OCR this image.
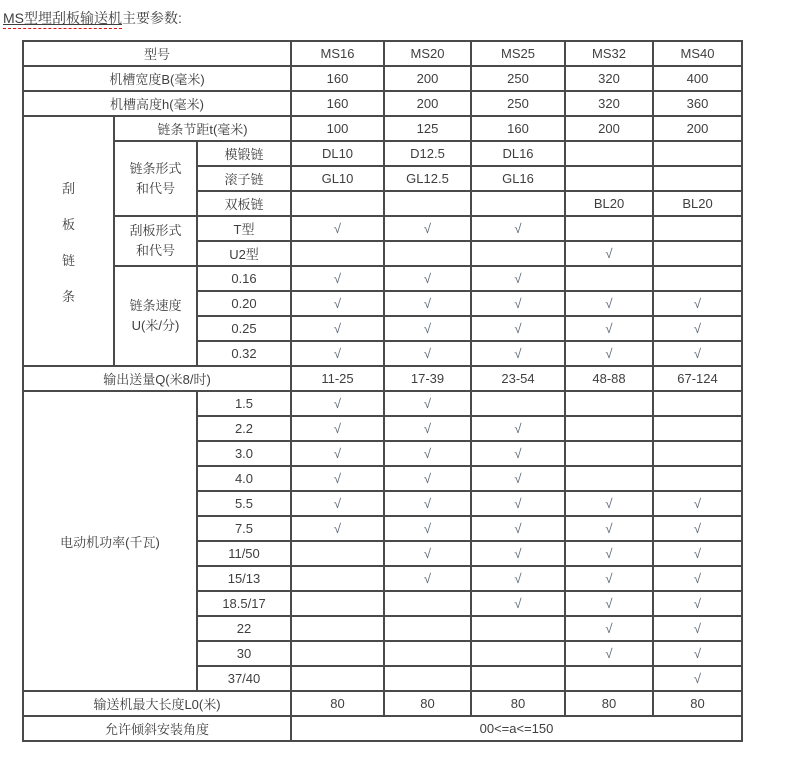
MS型埋刮板输送机主要参数:
型号			MS16	MS20	MS25	MS32	MS40
机槽宽度B(毫米)			160	200	250	320	400
机槽高度h(毫米)			160	200	250	320	360

刮
板
链
条	链条节距t(毫米)		100	125	160	200	200

	链条形式
和代号	模锻链	DL10	D12.5	DL16		
		滚子链	GL10	GL12.5	GL16		
		双板链				BL20	BL20

	刮板形式
和代号	T型	√	√	√		
		U2型				√	

	链条速度
U(米/分)	0.16	√	√	√		
		0.20	√	√	√	√	√
		0.25	√	√	√	√	√
		0.32	√	√	√	√	√
输出送量Q(米8/时)			11-25	17-39	23-54	48-88	67-124
电动机功率(千瓦)		1.5	√	√			
		2.2	√	√	√		
		3.0	√	√	√		
		4.0	√	√	√		
		5.5	√	√	√	√	√
		7.5	√	√	√	√	√
		11/50		√	√	√	√
		15/13		√	√	√	√
		18.5/17			√	√	√
		22				√	√
		30				√	√
		37/40					√
输送机最大长度L0(米)			80	80	80	80	80
允许倾斜安装角度			00<=a<=150				
